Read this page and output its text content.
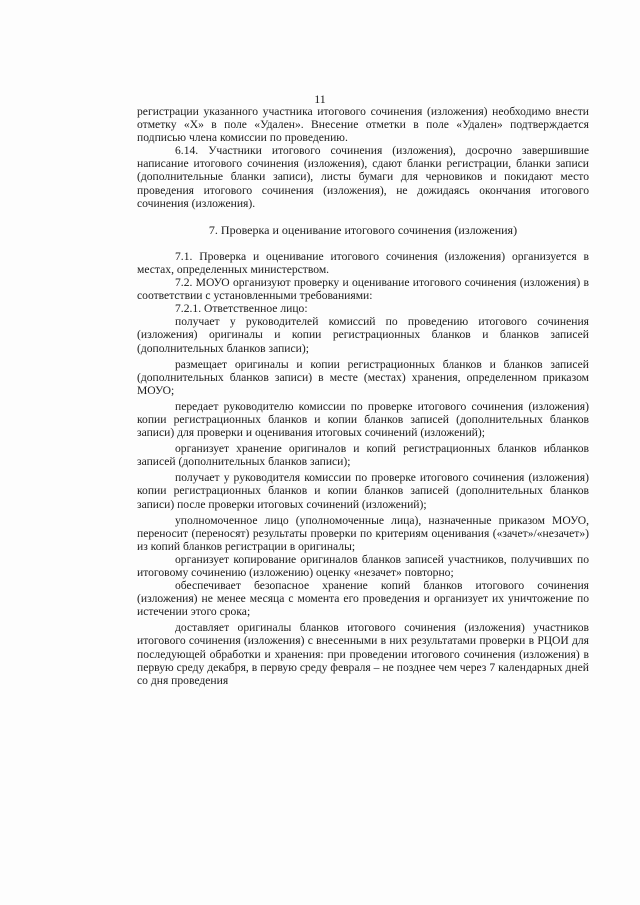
11

регистрации указанного участника итогового сочинения (изложения) необходимо внести отметку «Х» в поле «Удален». Внесение отметки в поле «Удален» подтверждается подписью члена комиссии по проведению.

6.14. Участники итогового сочинения (изложения), досрочно завершившие написание итогового сочинения (изложения), сдают бланки регистрации, бланки записи (дополнительные бланки записи), листы бумаги для черновиков и покидают место проведения итогового сочинения (изложения), не дожидаясь окончания итогового сочинения (изложения).

7. Проверка и оценивание итогового сочинения (изложения)

7.1. Проверка и оценивание итогового сочинения (изложения) организуется в местах, определенных министерством.

7.2. МОУО организуют проверку и оценивание итогового сочинения (изложения) в соответствии с установленными требованиями:

7.2.1. Ответственное лицо:

получает у руководителей комиссий по проведению итогового сочинения (изложения) оригиналы и копии регистрационных бланков и бланков записей (дополнительных бланков записи);

размещает оригиналы и копии регистрационных бланков и бланков записей (дополнительных бланков записи) в месте (местах) хранения, определенном приказом МОУО;

передает руководителю комиссии по проверке итогового сочинения (изложения) копии регистрационных бланков и копии бланков записей (дополнительных бланков записи) для проверки и оценивания итоговых сочинений (изложений);

организует хранение оригиналов и копий регистрационных бланков ибланков записей (дополнительных бланков записи);

получает у руководителя комиссии по проверке итогового сочинения (изложения) копии регистрационных бланков и копии бланков записей (дополнительных бланков записи) после проверки итоговых сочинений (изложений);

уполномоченное лицо (уполномоченные лица), назначенные приказом МОУО, переносит (переносят) результаты проверки по критериям оценивания («зачет»/«незачет») из копий бланков регистрации в оригиналы;

организует копирование оригиналов бланков записей участников, получивших по итоговому сочинению (изложению) оценку «незачет» повторно;

обеспечивает безопасное хранение копий бланков итогового сочинения (изложения) не менее месяца с момента его проведения и организует их уничтожение по истечении этого срока;

доставляет оригиналы бланков итогового сочинения (изложения) участников итогового сочинения (изложения) с внесенными в них результатами проверки в РЦОИ для последующей обработки и хранения: при проведении итогового сочинения (изложения) в первую среду декабря, в первую среду февраля – не позднее чем через 7 календарных дней со дня проведения
